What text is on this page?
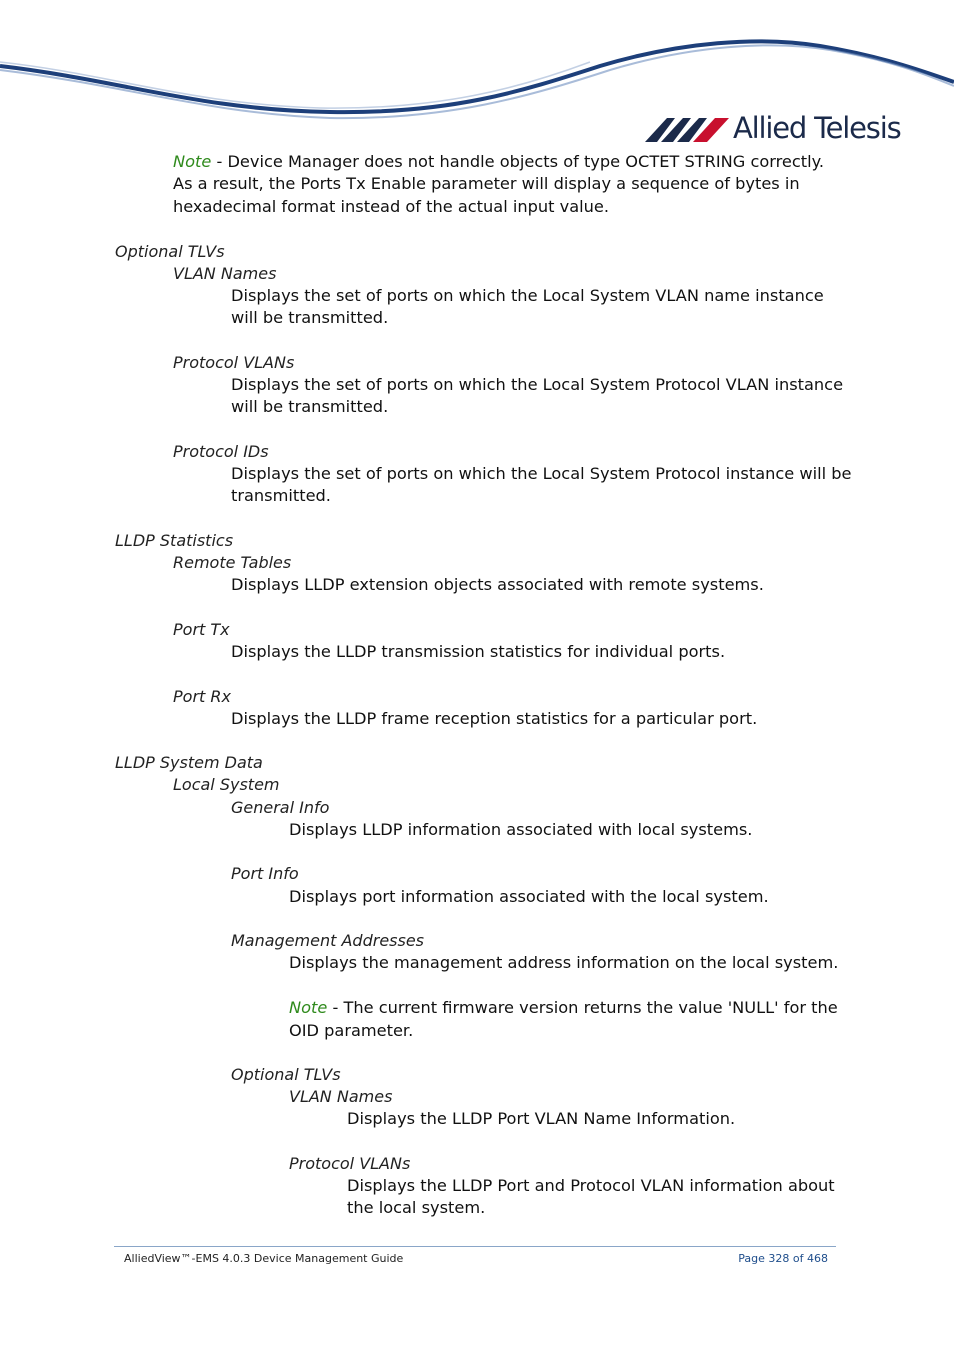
Allied Telesis
Note - Device Manager does not handle objects of type OCTET STRING correctly.
As a result, the Ports Tx Enable parameter will display a sequence of bytes in
hexadecimal format instead of the actual input value.
Optional TLVs
VLAN Names
Displays the set of ports on which the Local System VLAN name instance
will be transmitted.
Protocol VLANs
Displays the set of ports on which the Local System Protocol VLAN instance
will be transmitted.
Protocol IDs
Displays the set of ports on which the Local System Protocol instance will be
transmitted.
LLDP Statistics
Remote Tables
Displays LLDP extension objects associated with remote systems.
Port Tx
Displays the LLDP transmission statistics for individual ports.
Port Rx
Displays the LLDP frame reception statistics for a particular port.
LLDP System Data
Local System
General Info
Displays LLDP information associated with local systems.
Port Info
Displays port information associated with the local system.
Management Addresses
Displays the management address information on the local system.
Note - The current firmware version returns the value 'NULL' for the
OID parameter.
Optional TLVs
VLAN Names
Displays the LLDP Port VLAN Name Information.
Protocol VLANs
Displays the LLDP Port and Protocol VLAN information about
the local system.
AlliedView™-EMS 4.0.3 Device Management Guide	Page 328 of 468
